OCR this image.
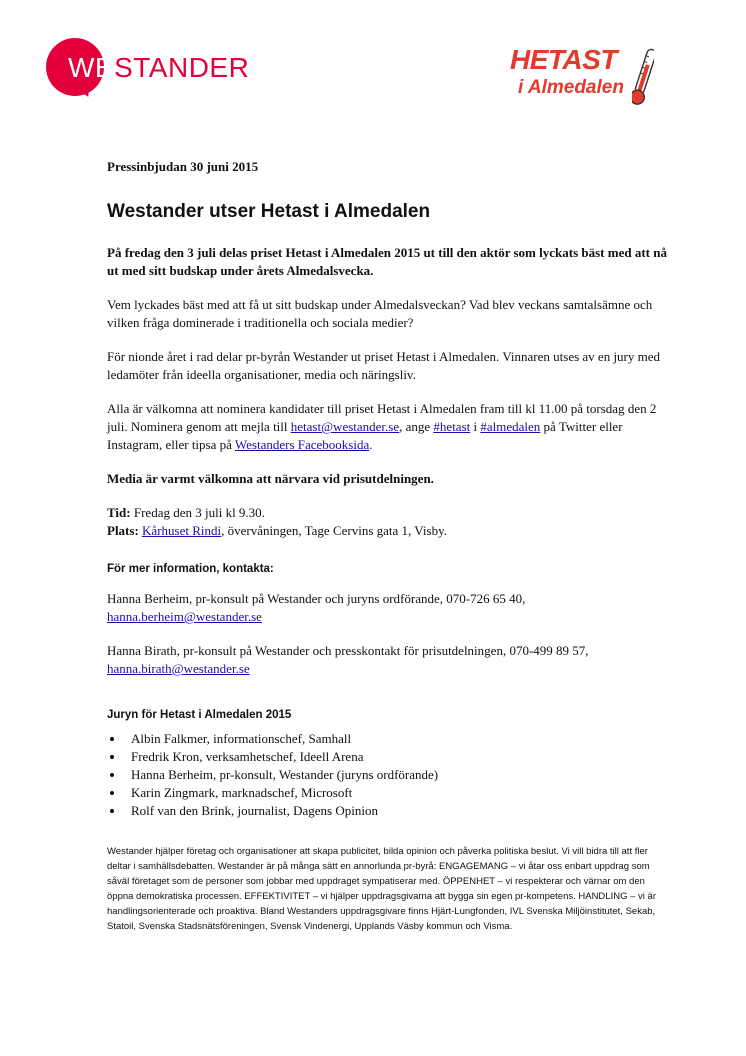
WESTANDER	HETAST
i Almedalen

Pressinbjudan 30 juni 2015

Westander utser Hetast i Almedalen

På fredag den 3 juli delas priset Hetast i Almedalen 2015 ut till den aktör som lyckats bäst med att nå ut med sitt budskap under årets Almedalsvecka.

Vem lyckades bäst med att få ut sitt budskap under Almedalsveckan? Vad blev veckans samtalsämne och vilken fråga dominerade i traditionella och sociala medier?

För nionde året i rad delar pr-byrån Westander ut priset Hetast i Almedalen. Vinnaren utses av en jury med ledamöter från ideella organisationer, media och näringsliv.

Alla är välkomna att nominera kandidater till priset Hetast i Almedalen fram till kl 11.00 på torsdag den 2 juli. Nominera genom att mejla till hetast@westander.se, ange #hetast i #almedalen på Twitter eller Instagram, eller tipsa på Westanders Facebooksida.

Media är varmt välkomna att närvara vid prisutdelningen.

Tid: Fredag den 3 juli kl 9.30.
Plats: Kårhuset Rindi, övervåningen, Tage Cervins gata 1, Visby.

För mer information, kontakta:

Hanna Berheim, pr-konsult på Westander och juryns ordförande, 070-726 65 40,
hanna.berheim@westander.se

Hanna Birath, pr-konsult på Westander och presskontakt för prisutdelningen, 070-499 89 57,
hanna.birath@westander.se

Juryn för Hetast i Almedalen 2015

• Albin Falkmer, informationschef, Samhall
• Fredrik Kron, verksamhetschef, Ideell Arena
• Hanna Berheim, pr-konsult, Westander (juryns ordförande)
• Karin Zingmark, marknadschef, Microsoft
• Rolf van den Brink, journalist, Dagens Opinion

Westander hjälper företag och organisationer att skapa publicitet, bilda opinion och påverka politiska beslut. Vi vill bidra till att fler deltar i samhällsdebatten. Westander är på många sätt en annorlunda pr-byrå: ENGAGEMANG – vi åtar oss enbart uppdrag som såväl företaget som de personer som jobbar med uppdraget sympatiserar med. ÖPPENHET – vi respekterar och värnar om den öppna demokratiska processen. EFFEKTIVITET – vi hjälper uppdragsgivarna att bygga sin egen pr-kompetens. HANDLING – vi är handlingsorienterade och proaktiva. Bland Westanders uppdragsgivare finns Hjärt-Lungfonden, IVL Svenska Miljöinstitutet, Sekab, Statoil, Svenska Stadsnätsföreningen, Svensk Vindenergi, Upplands Väsby kommun och Visma.
